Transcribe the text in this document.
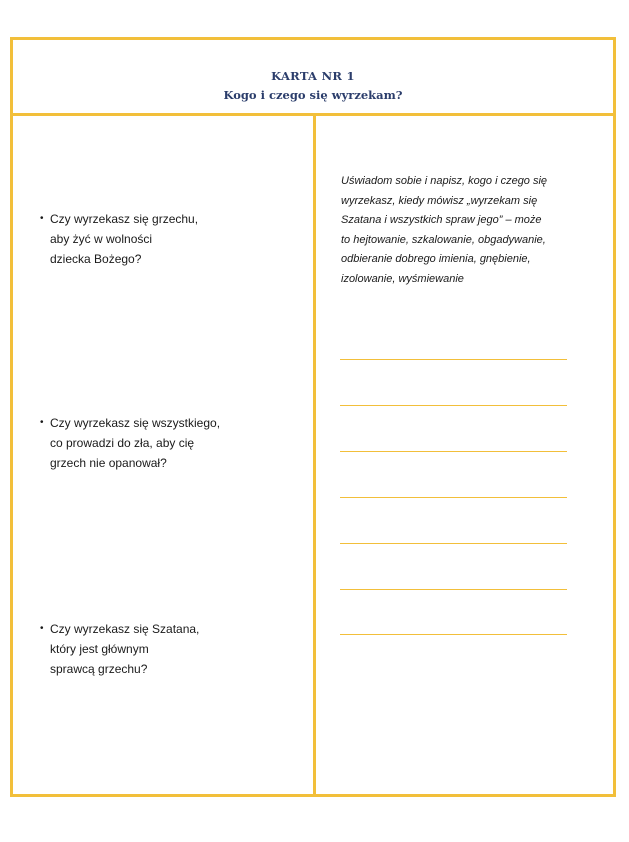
KARTA NR 1
Kogo i czego się wyrzekam?
• Czy wyrzekasz się grzechu,
aby żyć w wolności
dziecka Bożego?
• Czy wyrzekasz się wszystkiego,
co prowadzi do zła, aby cię
grzech nie opanował?
• Czy wyrzekasz się Szatana,
który jest głównym
sprawcą grzechu?
Uświadom sobie i napisz, kogo i czego się
wyrzekasz, kiedy mówisz „wyrzekam się
Szatana i wszystkich spraw jego” – może
to hejtowanie, szkalowanie, obgadywanie,
odbieranie dobrego imienia, gnębienie,
izolowanie, wyśmiewanie
